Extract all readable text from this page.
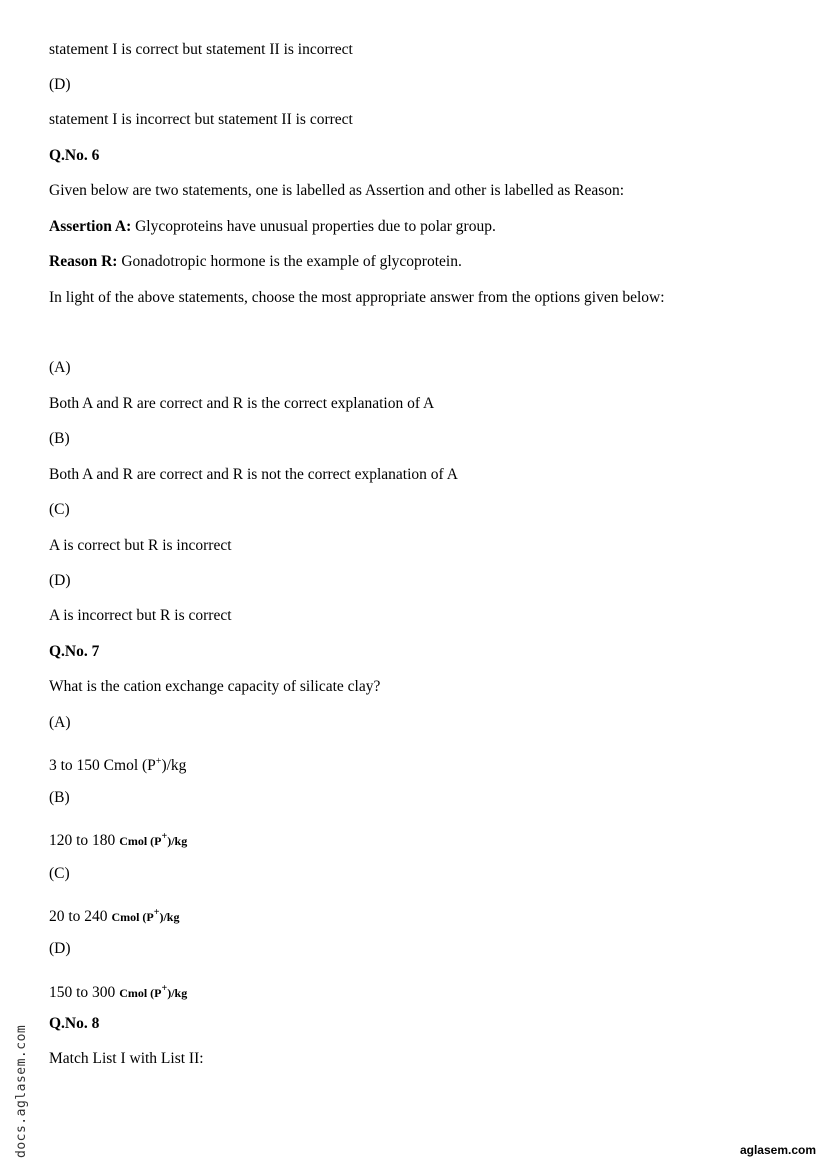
statement I is correct but statement II is incorrect

(D)

statement I is incorrect but statement II is correct

Q.No. 6

Given below are two statements, one is labelled as Assertion and other is labelled as Reason:

Assertion A: Glycoproteins have unusual properties due to polar group.

Reason R: Gonadotropic hormone is the example of glycoprotein.

In light of the above statements, choose the most appropriate answer from the options given below:

(A)

Both A and R are correct and R is the correct explanation of A

(B)

Both A and R are correct and R is not the correct explanation of A

(C)

A is correct but R is incorrect

(D)

A is incorrect but R is correct

Q.No. 7

What is the cation exchange capacity of silicate clay?

(A)

3 to 150 Cmol (P+)/kg

(B)

120 to 180 Cmol (P+)/kg

(C)

20 to 240 Cmol (P+)/kg

(D)

150 to 300 Cmol (P+)/kg

Q.No. 8

Match List I with List II:

docs.aglasem.com	aglasem.com
